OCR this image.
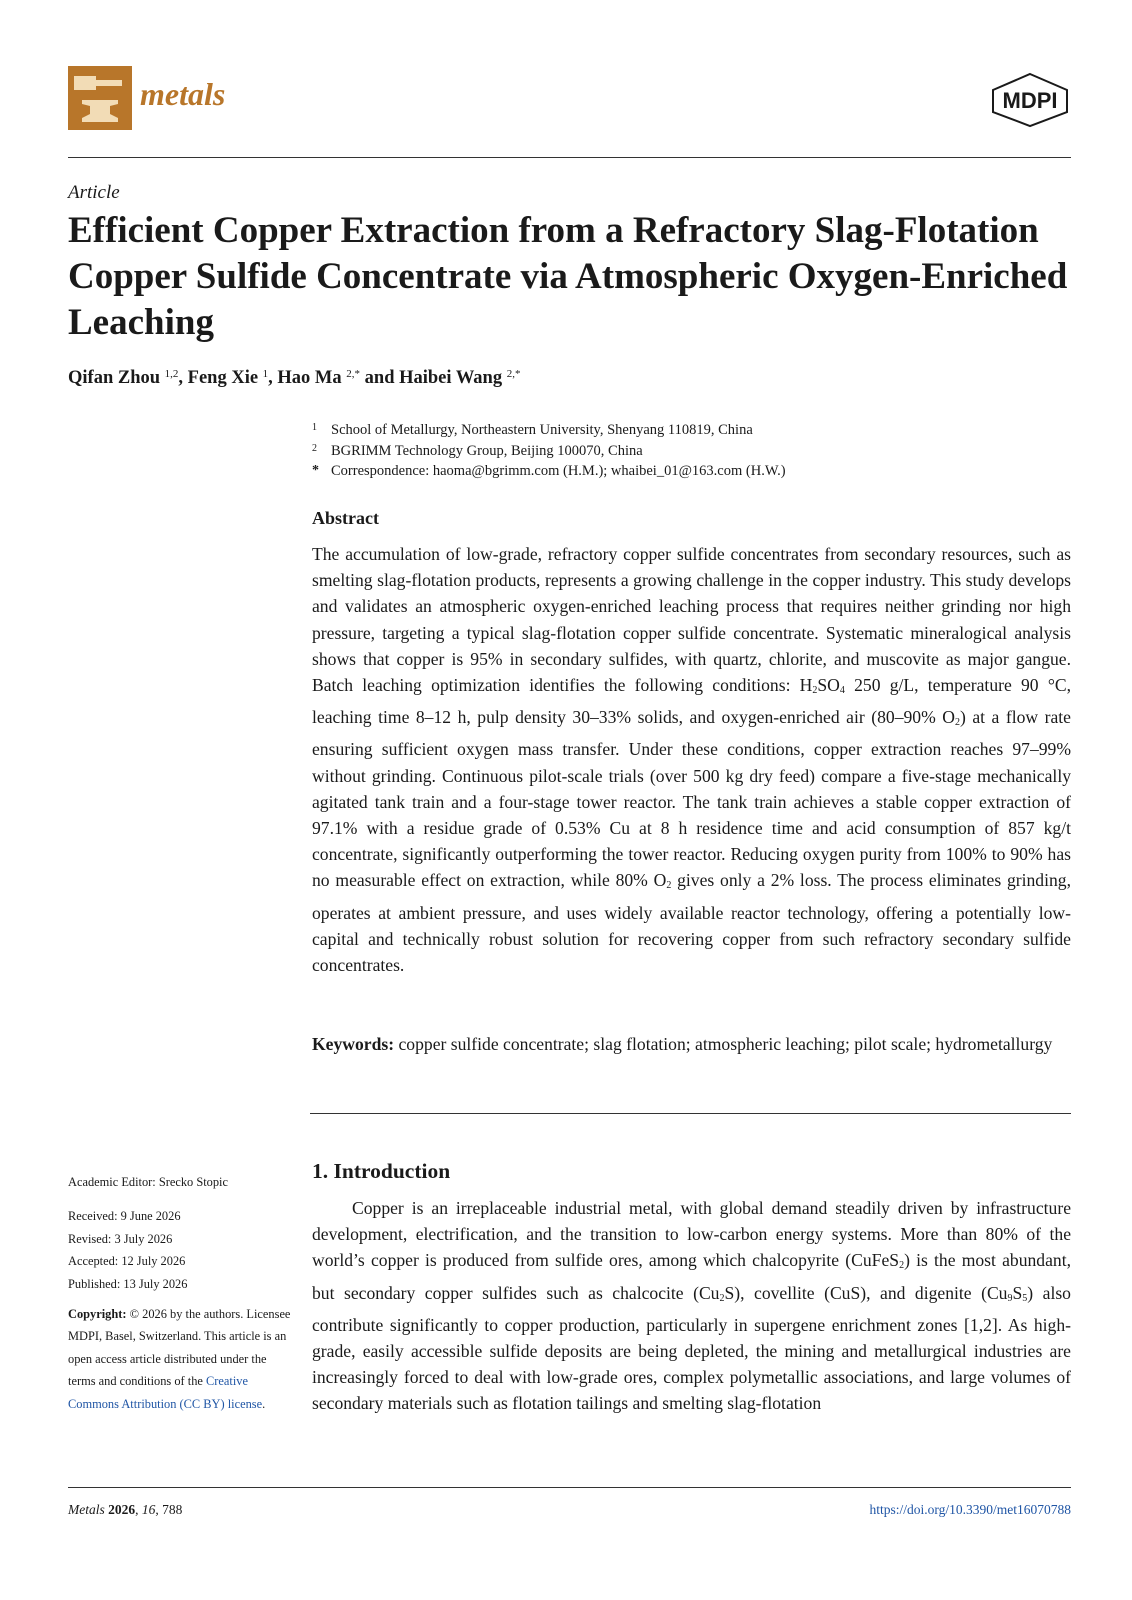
metals	MDPI
Article
Efficient Copper Extraction from a Refractory Slag-Flotation Copper Sulfide Concentrate via Atmospheric Oxygen-Enriched Leaching
Qifan Zhou $^{1,2}$, Feng Xie $^1$, Hao Ma $^{2,*}$ and Haibei Wang $^{2,*}$
1 School of Metallurgy, Northeastern University, Shenyang 110819, China
2 BGRIMM Technology Group, Beijing 100070, China
* Correspondence: haoma@bgrimm.com (H.M.); whaibei_01@163.com (H.W.)
Abstract

The accumulation of low-grade, refractory copper sulfide concentrates from secondary resources, such as smelting slag-flotation products, represents a growing challenge in the copper industry. This study develops and validates an atmospheric oxygen-enriched leaching process that requires neither grinding nor high pressure, targeting a typical slag-flotation copper sulfide concentrate. Systematic mineralogical analysis shows that copper is 95% in secondary sulfides, with quartz, chlorite, and muscovite as major gangue. Batch leaching optimization identifies the following conditions: $H_2SO_4$ 250 g/L, temperature 90 °C, leaching time 8–12 h, pulp density 30–33% solids, and oxygen-enriched air (80–90% $O_2$) at a flow rate ensuring sufficient oxygen mass transfer. Under these conditions, copper extraction reaches 97–99% without grinding. Continuous pilot-scale trials (over 500 kg dry feed) compare a five-stage mechanically agitated tank train and a four-stage tower reactor. The tank train achieves a stable copper extraction of 97.1% with a residue grade of 0.53% Cu at 8 h residence time and acid consumption of 857 kg/t concentrate, significantly outperforming the tower reactor. Reducing oxygen purity from 100% to 90% has no measurable effect on extraction, while 80% $O_2$ gives only a 2% loss. The process eliminates grinding, operates at ambient pressure, and uses widely available reactor technology, offering a potentially low-capital and technically robust solution for recovering copper from such refractory secondary sulfide concentrates.

Keywords: copper sulfide concentrate; slag flotation; atmospheric leaching; pilot scale; hydrometallurgy

Academic Editor: Srecko Stopic
Received: 9 June 2026
Revised: 3 July 2026
Accepted: 12 July 2026
Published: 13 July 2026
Copyright: © 2026 by the authors. Licensee MDPI, Basel, Switzerland. This article is an open access article distributed under the terms and conditions of the Creative Commons Attribution (CC BY) license.
1. Introduction

Copper is an irreplaceable industrial metal, with global demand steadily driven by infrastructure development, electrification, and the transition to low-carbon energy systems. More than 80% of the world’s copper is produced from sulfide ores, among which chalcopyrite (CuFeS$_2$) is the most abundant, but secondary copper sulfides such as chalcocite $(Cu_2S)$, covellite (CuS), and digenite $(Cu_9S_5)$ also contribute significantly to copper production, particularly in supergene enrichment zones [1,2]. As high-grade, easily accessible sulfide deposits are being depleted, the mining and metallurgical industries are increasingly forced to deal with low-grade ores, complex polymetallic associations, and large volumes of secondary materials such as flotation tailings and smelting slag-flotation

Metals 2026, 16, 788	https://doi.org/10.3390/met16070788
